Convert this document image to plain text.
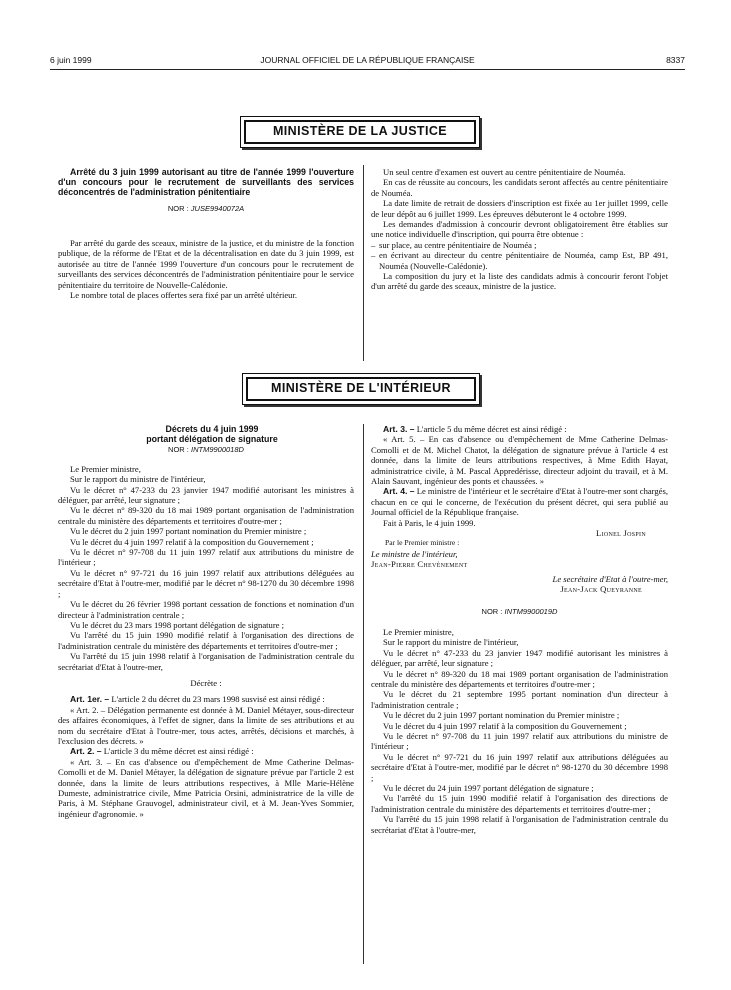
6 juin 1999	JOURNAL OFFICIEL DE LA RÉPUBLIQUE FRANÇAISE	8337
MINISTÈRE DE LA JUSTICE

Arrêté du 3 juin 1999 autorisant au titre de l'année 1999 l'ouverture d'un concours pour le recrutement de surveillants des services déconcentrés de l'administration pénitentiaire

NOR : JUSE9940072A

Par arrêté du garde des sceaux, ministre de la justice, et du ministre de la fonction publique, de la réforme de l'Etat et de la décentralisation en date du 3 juin 1999, est autorisée au titre de l'année 1999 l'ouverture d'un concours pour le recrutement de surveillants des services déconcentrés de l'administration pénitentiaire pour le service pénitentiaire du territoire de Nouvelle-Calédonie.

Le nombre total de places offertes sera fixé par un arrêté ultérieur.

Un seul centre d'examen est ouvert au centre pénitentiaire de Nouméa.

En cas de réussite au concours, les candidats seront affectés au centre pénitentiaire de Nouméa.

La date limite de retrait de dossiers d'inscription est fixée au 1er juillet 1999, celle de leur dépôt au 6 juillet 1999. Les épreuves débuteront le 4 octobre 1999.

Les demandes d'admission à concourir devront obligatoirement être établies sur une notice individuelle d'inscription, qui pourra être obtenue :

– sur place, au centre pénitentiaire de Nouméa ;

– en écrivant au directeur du centre pénitentiaire de Nouméa, camp Est, BP 491, Nouméa (Nouvelle-Calédonie).

La composition du jury et la liste des candidats admis à concourir feront l'objet d'un arrêté du garde des sceaux, ministre de la justice.

MINISTÈRE DE L'INTÉRIEUR

Décrets du 4 juin 1999

portant délégation de signature

NOR : INTM9900018D

Le Premier ministre,

Sur le rapport du ministre de l'intérieur,

Vu le décret n° 47-233 du 23 janvier 1947 modifié autorisant les ministres à déléguer, par arrêté, leur signature ;

Vu le décret n° 89-320 du 18 mai 1989 portant organisation de l'administration centrale du ministère des départements et territoires d'outre-mer ;

Vu le décret du 2 juin 1997 portant nomination du Premier ministre ;

Vu le décret du 4 juin 1997 relatif à la composition du Gouvernement ;

Vu le décret n° 97-708 du 11 juin 1997 relatif aux attributions du ministre de l'intérieur ;

Vu le décret n° 97-721 du 16 juin 1997 relatif aux attributions déléguées au secrétaire d'Etat à l'outre-mer, modifié par le décret n° 98-1270 du 30 décembre 1998 ;

Vu le décret du 26 février 1998 portant cessation de fonctions et nomination d'un directeur à l'administration centrale ;

Vu le décret du 23 mars 1998 portant délégation de signature ;

Vu l'arrêté du 15 juin 1990 modifié relatif à l'organisation des directions de l'administration centrale du ministère des départements et territoires d'outre-mer ;

Vu l'arrêté du 15 juin 1998 relatif à l'organisation de l'administration centrale du secrétariat d'Etat à l'outre-mer,

Décrète :

Art. 1er. – L'article 2 du décret du 23 mars 1998 susvisé est ainsi rédigé :

« Art. 2. – Délégation permanente est donnée à M. Daniel Métayer, sous-directeur des affaires économiques, à l'effet de signer, dans la limite de ses attributions et au nom du secrétaire d'Etat à l'outre-mer, tous actes, arrêtés, décisions et marchés, à l'exclusion des décrets. »

Art. 2. – L'article 3 du même décret est ainsi rédigé :

« Art. 3. – En cas d'absence ou d'empêchement de Mme Catherine Delmas-Comolli et de M. Daniel Métayer, la délégation de signature prévue par l'article 2 est donnée, dans la limite de leurs attributions respectives, à Mlle Marie-Hélène Dumeste, administratrice civile, Mme Patricia Orsini, administratrice de la ville de Paris, à M. Stéphane Grauvogel, administrateur civil, et à M. Jean-Yves Sommier, ingénieur d'agronomie. »

Art. 3. – L'article 5 du même décret est ainsi rédigé :

« Art. 5. – En cas d'absence ou d'empêchement de Mme Catherine Delmas-Comolli et de M. Michel Chatot, la délégation de signature prévue à l'article 4 est donnée, dans la limite de leurs attributions respectives, à Mme Edith Hayat, administratrice civile, à M. Pascal Appredérisse, directeur adjoint du travail, et à M. Alain Sauvant, ingénieur des ponts et chaussées. »

Art. 4. – Le ministre de l'intérieur et le secrétaire d'Etat à l'outre-mer sont chargés, chacun en ce qui le concerne, de l'exécution du présent décret, qui sera publié au Journal officiel de la République française.

Fait à Paris, le 4 juin 1999.

Lionel Jospin

Par le Premier ministre :

Le ministre de l'intérieur,

Jean-Pierre Chevènement

Le secrétaire d'Etat à l'outre-mer,

Jean-Jack Queyranne

NOR : INTM9900019D

Le Premier ministre,

Sur le rapport du ministre de l'intérieur,

Vu le décret n° 47-233 du 23 janvier 1947 modifié autorisant les ministres à déléguer, par arrêté, leur signature ;

Vu le décret n° 89-320 du 18 mai 1989 portant organisation de l'administration centrale du ministère des départements et territoires d'outre-mer ;

Vu le décret du 21 septembre 1995 portant nomination d'un directeur à l'administration centrale ;

Vu le décret du 2 juin 1997 portant nomination du Premier ministre ;

Vu le décret du 4 juin 1997 relatif à la composition du Gouvernement ;

Vu le décret n° 97-708 du 11 juin 1997 relatif aux attributions du ministre de l'intérieur ;

Vu le décret n° 97-721 du 16 juin 1997 relatif aux attributions déléguées au secrétaire d'Etat à l'outre-mer, modifié par le décret n° 98-1270 du 30 décembre 1998 ;

Vu le décret du 24 juin 1997 portant délégation de signature ;

Vu l'arrêté du 15 juin 1990 modifié relatif à l'organisation des directions de l'administration centrale du ministère des départements et territoires d'outre-mer ;

Vu l'arrêté du 15 juin 1998 relatif à l'organisation de l'administration centrale du secrétariat d'Etat à l'outre-mer,
